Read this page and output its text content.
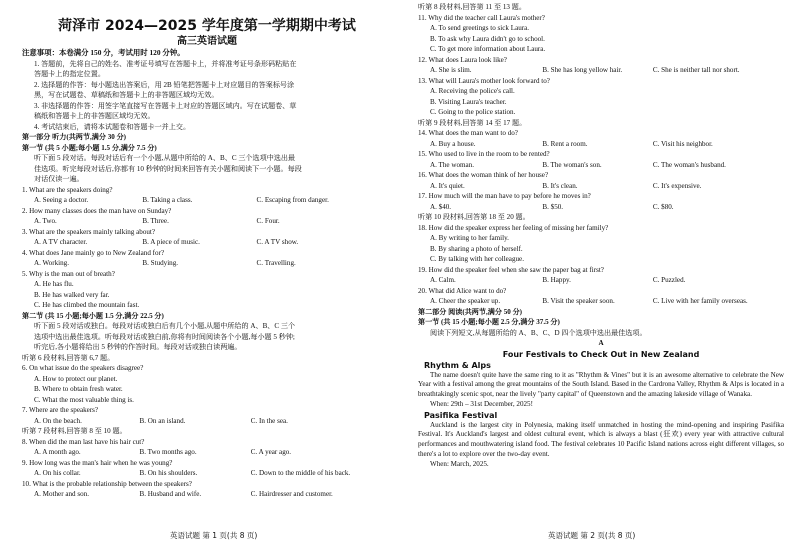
菏泽市 2024—2025 学年度第一学期期中考试
高三英语试题
注意事项：本卷满分 150 分，考试用时 120 分钟。
1. 答题前，先将自己的姓名、准考证号填写在答题卡上，并将准考证号条形码粘贴在
答题卡上的指定位置。
2. 选择题的作答：每小题选出答案后，用 2B 铅笔把答题卡上对应题目的答案标号涂
黑，写在试题卷、草稿纸和答题卡上的非答题区域均无效。
3. 非选择题的作答：用签字笔直接写在答题卡上对应的答题区域内。写在试题卷、草
稿纸和答题卡上的非答题区域均无效。
4. 考试结束后，请将本试题卷和答题卡一并上交。
第一部分 听力(共两节,满分 30 分)
第一节 (共 5 小题;每小题 1.5 分,满分 7.5 分)
听下面 5 段对话。每段对话后有一个小题,从题中所给的 A、B、C 三个选项中选出最
佳选项。听完每段对话后,你都有 10 秒钟的时间来回答有关小题和阅读下一小题。每段
对话仅读一遍。
1. What are the speakers doing?
A. Seeing a doctor.	B. Taking a class.	C. Escaping from danger.
2. How many classes does the man have on Sunday?
A. Two.	B. Three.	C. Four.
3. What are the speakers mainly talking about?
A. A TV character.	B. A piece of music.	C. A TV show.
4. What does Jane mainly go to New Zealand for?
A. Working.	B. Studying.	C. Travelling.
5. Why is the man out of breath?
A. He has flu.
B. He has walked very far.
C. He has climbed the mountain fast.
第二节 (共 15 小题;每小题 1.5 分,满分 22.5 分)
听下面 5 段对话或独白。每段对话或独白后有几个小题,从题中所给的 A、B、C 三个
选项中选出最佳选项。听每段对话或独白前,你将有时间阅读各个小题,每小题 5 秒钟;
听完后,各小题将给出 5 秒钟的作答时间。每段对话或独白读两遍。
听第 6 段材料,回答第 6,7 题。
6. On what issue do the speakers disagree?
A. How to protect our planet.
B. Where to obtain fresh water.
C. What the most valuable thing is.
7. Where are the speakers?
A. On the beach.	B. On an island.	C. In the sea.
听第 7 段材料,回答第 8 至 10 题。
8. When did the man last have his hair cut?
A. A month ago.	B. Two months ago.	C. A year ago.
9. How long was the man's hair when he was young?
A. On his collar.	B. On his shoulders.	C. Down to the middle of his back.
10. What is the probable relationship between the speakers?
A. Mother and son.	B. Husband and wife.	C. Hairdresser and customer.
英语试题 第 1 页(共 8 页)
听第 8 段材料,回答第 11 至 13 题。
11. Why did the teacher call Laura's mother?
A. To send greetings to sick Laura.
B. To ask why Laura didn't go to school.
C. To get more information about Laura.
12. What does Laura look like?
A. She is slim.	B. She has long yellow hair.	C. She is neither tall nor short.
13. What will Laura's mother look forward to?
A. Receiving the police's call.
B. Visiting Laura's teacher.
C. Going to the police station.
听第 9 段材料,回答第 14 至 17 题。
14. What does the man want to do?
A. Buy a house.	B. Rent a room.	C. Visit his neighbor.
15. Who used to live in the room to be rented?
A. The woman.	B. The woman's son.	C. The woman's husband.
16. What does the woman think of her house?
A. It's quiet.	B. It's clean.	C. It's expensive.
17. How much will the man have to pay before he moves in?
A. $40.	B. $50.	C. $80.
听第 10 段材料,回答第 18 至 20 题。
18. How did the speaker express her feeling of missing her family?
A. By writing to her family.
B. By sharing a photo of herself.
C. By talking with her colleague.
19. How did the speaker feel when she saw the paper bag at first?
A. Calm.	B. Happy.	C. Puzzled.
20. What did Alice want to do?
A. Cheer the speaker up.	B. Visit the speaker soon.	C. Live with her family overseas.
第二部分 阅读(共两节,满分 50 分)
第一节 (共 15 小题;每小题 2.5 分,满分 37.5 分)
阅读下列短文,从每题所给的 A、B、C、D 四个选项中选出最佳选项。
A
Four Festivals to Check Out in New Zealand
Rhythm & Alps
The name doesn't quite have the same ring to it as "Rhythm & Vines" but it is an awesome alternative to celebrate the New Year with a festival among the great mountains of the South Island. Based in the Cardrona Valley, Rhythm & Alps is located in a breathtakingly scenic spot, near the lively "party capital" of Queenstown and the amazing lakeside village of Wanaka.
When: 29th – 31st December, 2025!
Pasifika Festival
Auckland is the largest city in Polynesia, making itself unmatched in hosting the mind-opening and inspiring Pasifika Festival. It's Auckland's largest and oldest cultural event, which is always a blast (狂欢) every year with attractive cultural performances and mouthwatering island food. The festival celebrates 10 Pacific Island nations across eight different villages, so there's a lot to explore over the two-day event.
When: March, 2025.
英语试题 第 2 页(共 8 页)
